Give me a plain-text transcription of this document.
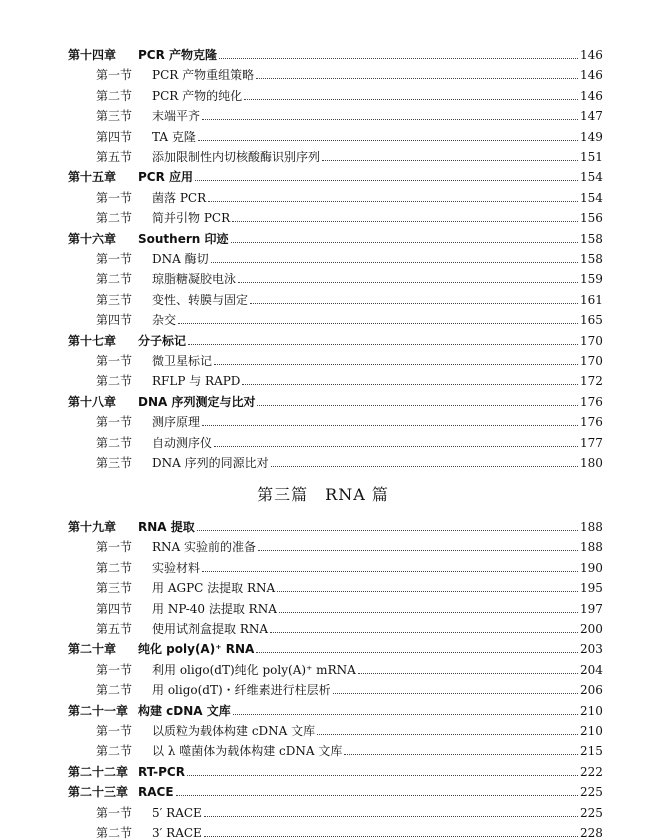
第三篇　RNA 篇
第十四章	PCR 产物克隆	146
第一节	PCR 产物重组策略	146
第二节	PCR 产物的纯化	146
第三节	末端平齐	147
第四节	TA 克隆	149
第五节	添加限制性内切核酸酶识别序列	151
第十五章	PCR 应用	154
第一节	菌落 PCR	154
第二节	简并引物 PCR	156
第十六章	Southern 印迹	158
第一节	DNA 酶切	158
第二节	琼脂糖凝胶电泳	159
第三节	变性、转膜与固定	161
第四节	杂交	165
第十七章	分子标记	170
第一节	微卫星标记	170
第二节	RFLP 与 RAPD	172
第十八章	DNA 序列测定与比对	176
第一节	测序原理	176
第二节	自动测序仪	177
第三节	DNA 序列的同源比对	180
第十九章	RNA 提取	188
第一节	RNA 实验前的准备	188
第二节	实验材料	190
第三节	用 AGPC 法提取 RNA	195
第四节	用 NP-40 法提取 RNA	197
第五节	使用试剂盒提取 RNA	200
第二十章	纯化 poly(A)⁺ RNA	203
第一节	利用 oligo(dT)纯化 poly(A)⁺ mRNA	204
第二节	用 oligo(dT)・纤维素进行柱层析	206
第二十一章 构建 cDNA 文库	210
第一节	以质粒为载体构建 cDNA 文库	210
第二节	以 λ 噬菌体为载体构建 cDNA 文库	215
第二十二章 RT-PCR	222
第二十三章 RACE	225
第一节	5′ RACE	225
第二节	3′ RACE	228
